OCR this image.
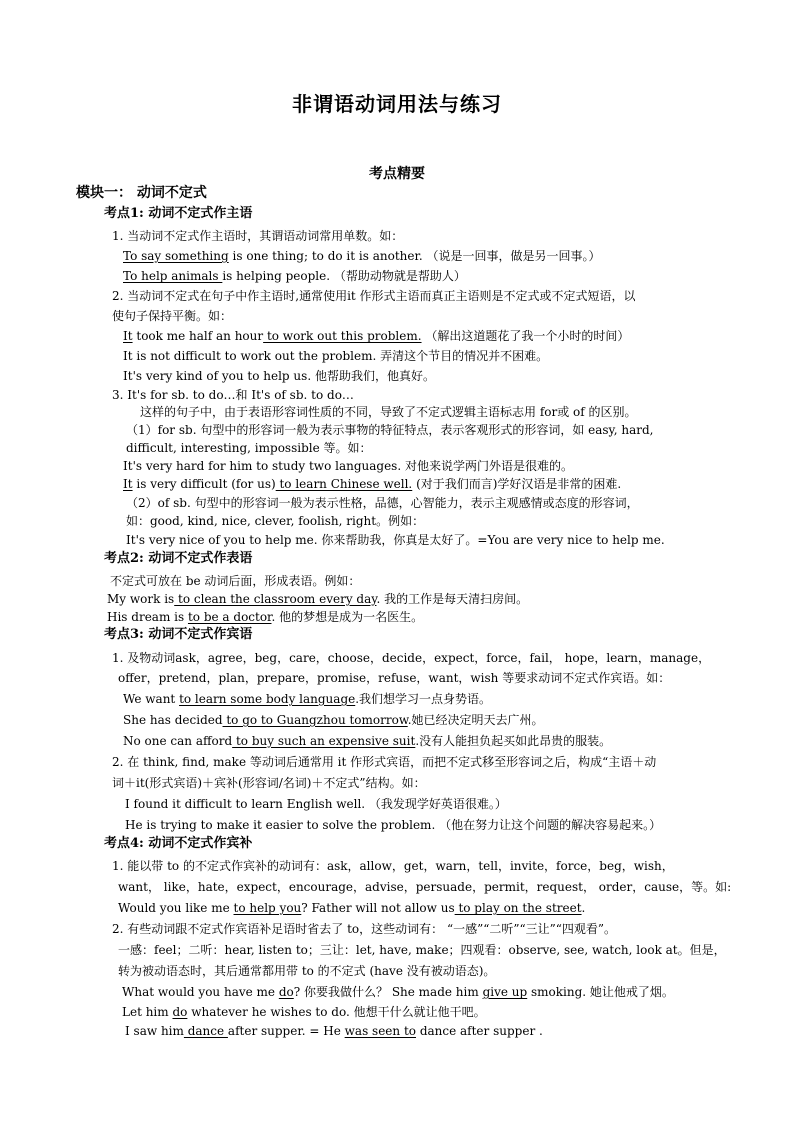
非谓语动词用法与练习
考点精要
模块一： 动词不定式
考点1: 动词不定式作主语
1. 当动词不定式作主语时，其谓语动词常用单数。如：
To say something is one thing; to do it is another. （说是一回事，做是另一回事。）
To help animals is helping people. （帮助动物就是帮助人）
2. 当动词不定式在句子中作主语时,通常使用it 作形式主语而真正主语则是不定式或不定式短语，以
使句子保持平衡。如：
It took me half an hour to work out this problem. （解出这道题花了我一个小时的时间）
It is not difficult to work out the problem. 弄清这个节目的情况并不困难。
It's very kind of you to help us. 他帮助我们，他真好。
3. It's for sb. to do…和 It's of sb. to do…
这样的句子中，由于表语形容词性质的不同，导致了不定式逻辑主语标志用 for或 of 的区别。
（1）for sb. 句型中的形容词一般为表示事物的特征特点，表示客观形式的形容词，如 easy, hard,
difficult, interesting, impossible 等。如：
It's very hard for him to study two languages. 对他来说学两门外语是很难的。
It is very difficult (for us) to learn Chinese well. (对于我们而言)学好汉语是非常的困难.
（2）of sb. 句型中的形容词一般为表示性格，品德，心智能力，表示主观感情或态度的形容词，
如：good, kind, nice, clever, foolish, right。例如：
It's very nice of you to help me. 你来帮助我，你真是太好了。=You are very nice to help me.
考点2: 动词不定式作表语
不定式可放在 be 动词后面，形成表语。例如：
My work is to clean the classroom every day. 我的工作是每天清扫房间。
His dream is to be a doctor. 他的梦想是成为一名医生。
考点3: 动词不定式作宾语
1. 及物动词ask，agree，beg，care，choose，decide，expect，force，fail， hope，learn，manage，
offer，pretend，plan，prepare，promise，refuse，want，wish 等要求动词不定式作宾语。如：
We want to learn some body language.我们想学习一点身势语。
She has decided to go to Guangzhou tomorrow.她已经决定明天去广州。
No one can afford to buy such an expensive suit.没有人能担负起买如此昂贵的服装。
2. 在 think, find, make 等动词后通常用 it 作形式宾语，而把不定式移至形容词之后，构成“主语＋动
词＋it(形式宾语)＋宾补(形容词/名词)＋不定式”结构。如：
I found it difficult to learn English well. （我发现学好英语很难。）
He is trying to make it easier to solve the problem. （他在努力让这个问题的解决容易起来。）
考点4: 动词不定式作宾补
1. 能以带 to 的不定式作宾补的动词有：ask，allow，get，warn，tell，invite，force，beg，wish，
want， like，hate，expect，encourage，advise，persuade，permit，request， order，cause，等。如:
Would you like me to help you? Father will not allow us to play on the street.
2. 有些动词跟不定式作宾语补足语时省去了 to，这些动词有： “一感”“二听”“三让”“四观看”。
一感：feel；二听：hear, listen to；三让：let, have, make；四观看：observe, see, watch, look at。但是，
转为被动语态时，其后通常都用带 to 的不定式 (have 没有被动语态)。
What would you have me do? 你要我做什么？ She made him give up smoking. 她让他戒了烟。
Let him do whatever he wishes to do. 他想干什么就让他干吧。
I saw him dance after supper. = He was seen to dance after supper .
